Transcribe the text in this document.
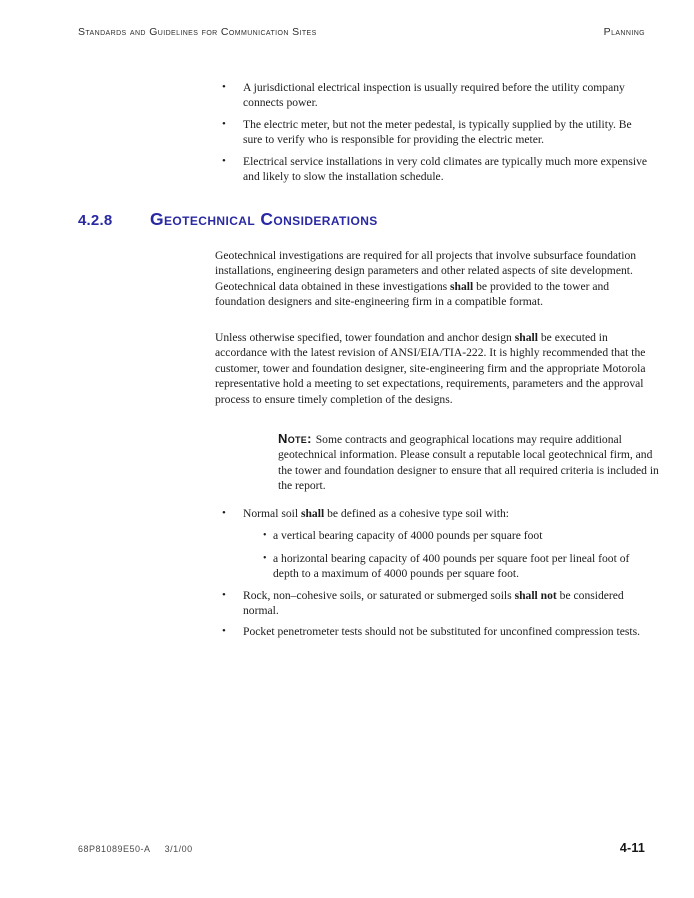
Standards and Guidelines for Communication Sites	Planning
•	A jurisdictional electrical inspection is usually required before the utility company connects power.
•	The electric meter, but not the meter pedestal, is typically supplied by the utility. Be sure to verify who is responsible for providing the electric meter.
•	Electrical service installations in very cold climates are typically much more expensive and likely to slow the installation schedule.
4.2.8	Geotechnical Considerations
Geotechnical investigations are required for all projects that involve subsurface foundation installations, engineering design parameters and other related aspects of site development. Geotechnical data obtained in these investigations shall be provided to the tower and foundation designers and site-engineering firm in a compatible format.
Unless otherwise specified, tower foundation and anchor design shall be executed in accordance with the latest revision of ANSI/EIA/TIA-222. It is highly recommended that the customer, tower and foundation designer, site-engineering firm and the appropriate Motorola representative hold a meeting to set expectations, requirements, parameters and the approval process to ensure timely completion of the designs.
Note: Some contracts and geographical locations may require additional geotechnical information. Please consult a reputable local geotechnical firm, and the tower and foundation designer to ensure that all required criteria is included in the report.
•	Normal soil shall be defined as a cohesive type soil with:
• a vertical bearing capacity of 4000 pounds per square foot
• a horizontal bearing capacity of 400 pounds per square foot per lineal foot of depth to a maximum of 4000 pounds per square foot.
•	Rock, non–cohesive soils, or saturated or submerged soils shall not be considered normal.
•	Pocket penetrometer tests should not be substituted for unconfined compression tests.
68P81089E50-A 3/1/00	4-11
